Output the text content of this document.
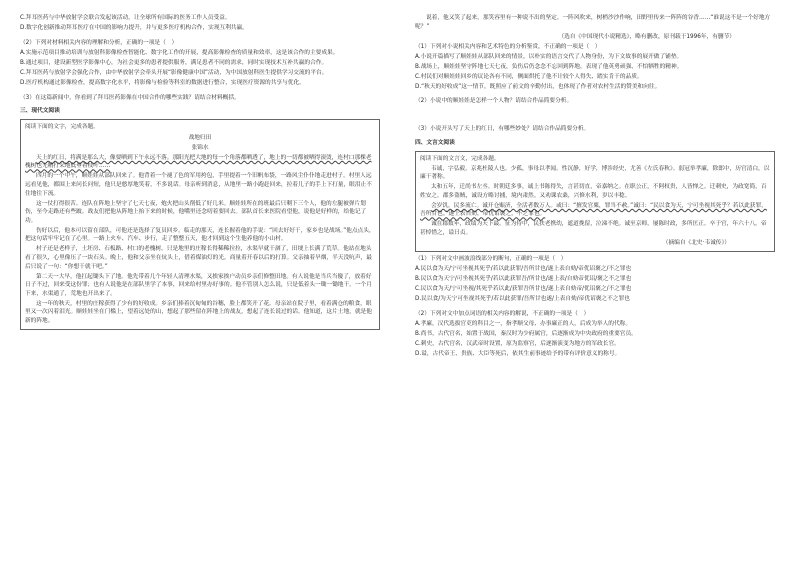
C.拜耳医药与中华放射学会联合发起该活动，让全球所有国际的医务工作人员受益。

D.数字化创新推动拜耳医疗在中国的影响力提升，并与更多医疗机构合作，实现互利共赢。

（2）下列对材料相关内容的理解和分析，正确的一项是（　）

A.实施示范项目推动培训与放射科影像检查智能化、数字化工作的开展，提高影像检查的质量和效率，这是该合作的主要成果。

B.通过项目，建设新型医学影像中心，为社会更多的患者提供服务，满足患者不同的需求，同时实现技术互补共赢的合作。

C.拜耳医药与放射学会强化合作，由中华放射学会牵头开展“影像健康中国”活动，为中国放射科医生提供学习交流的平台。

D.医疗机构通过影像检查，提高数字化水平，将影像与检验等科室的数据进行整合，实现医疗资源的共享与优化。

（3）在这篇新闻中，你看到了拜耳医药影像在中国合作的哪些实践？请结合材料概括。

三、现代文阅读

阅读下面的文字，完成各题。

战地归田

张锦水

天上的红日，将满是那么大，像要晒到下午永远不落。那阳光把大地的每一个角落都晒透了，地上的一切都被晒得滚烫，连村口那棵老槐树也无精打采地低垂着枝叶……

四月的一个中午，顺娃娃从部队回来了。他背着一个褪了色的军用挎包，手里提着一个旧帆布袋，一路风尘仆仆地走进村子。村里人远远看见他，都围上来问长问短，他只是憨厚地笑着，不多说话。母亲听到消息，从地里一路小跑赶回来，拉着儿子的手上下打量，眼泪止不住地往下流。

这一仗打得很苦。连队在阵地上坚守了七天七夜，炮火把山头削低了好几米。顺娃娃所在的班最后只剩下三个人，他的左腿被弹片划伤，至今走路还有些跛。战友们把他从阵地上抬下来的时候，他嘴里还念叨着要回去。部队首长来医院看望他，说他是好样的，给他记了功。

伤好以后，他本可以留在部队，可他还是选择了复员回乡。临走的那天，连长握着他的手说：“回去好好干，家乡也是战场。”他点点头，把这句话牢牢记在了心里。一路上火车、汽车、步行，走了整整五天，他才回到这个生他养他的小山村。

村子还是老样子，土坯房、石板路、村口的老槐树。只是地里的庄稼长得稀稀拉拉，水渠早就干涸了，田埂上长满了荒草。他站在地头看了很久，心里像压了一块石头。晚上，他和父亲坐在炕头上，借着煤油灯的光，商量着开春以后的打算。父亲抽着旱烟，半天没吭声，最后只说了一句：“你想干就干吧。”

第二天一大早，他扛起锄头下了地。他先带着几个年轻人清理水渠，又挨家挨户动员乡亲们修整田地。有人说他是当兵当傻了，放着好日子不过，回来受这份罪；也有人说他是在部队里学了本事，回来给村里办好事的。他不管别人怎么说，只是低着头一锄一锄地干。一个月下来，水渠通了，荒地也开出来了。

这一年的秋天，村里的庄稼获得了少有的好收成。乡亲们捧着沉甸甸的谷穗，脸上都笑开了花。母亲站在院子里，看着满仓的粮食，眼里又一次闪着泪光。顺娃娃坐在门槛上，望着远处的山，想起了那些留在阵地上的战友，想起了连长说过的话。他知道，这片土地，就是他新的阵地。

说着，他又笑了起来，那笑容里有一种说不出的坚定。一阵风吹来，树梢沙沙作响，田野里传来一阵阵的谷香……“谁说这不是一个好地方呢？”

（选自《中国现代小说精选》，略有删改，原刊载于1996年，有删节）

（1）下列对小说相关内容和艺术特色的分析鉴赏，不正确的一项是（　）

A.小说开篇描写了顺娃娃从部队回来的情景，以朴实的语言交代了人物身份，为下文故事的展开做了铺垫。

B.战场上，顺娃娃坚守阵地七天七夜，负伤后仍念念不忘回到阵地，表现了他英勇顽强、不怕牺牲的精神。

C.村民们对顺娃娃回乡的议论各有不同，侧面烘托了他不计较个人得失、踏实肯干的品质。

D.“秋天的好收成”这一情节，既照应了前文的辛勤付出，也体现了作者对农村生活的赞美和向往。

（2）小说中的顺娃娃是怎样一个人物？请结合作品简要分析。

（3）小说开头写了天上的红日，有哪些妙处？请结合作品简要分析。

四、文言文阅读

阅读下面的文言文，完成各题。

韦诚，字弘毅，京兆杜陵人也。少孤，事母以孝闻。性沉静，好学，博涉经史，尤善《左氏春秋》。弱冠举孝廉，除郎中，历官清白，以廉干著称。

太和五年，迁尚书左丞。时朝廷多事，诚上书陈得失，言甚切直，帝嘉纳之。在职公正，不阿权贵，人皆惮之。迁刺史，为政宽简，百姓安之。郡多盗贼，诚设方略讨捕，境内肃然。又劝课农桑，兴修水利，岁以丰稔。

会岁饥，民多流亡。诚开仓赈济，全活者数万人。或曰：“擅发官粟，罪当不赦。”诚曰：“民以食为天，宁可坐视其死乎？若以此获罪，吾所甘也。”遂上表自劾，帝优诏褒之，不之罪也。

诚在郡数年，政绩为天下最。征为侍中，民扶老携幼，遮道挽留，泣涕不绝。诚至京师，屡陈时政，多所匡正。卒于官，年六十八。帝甚悼惜之，谥曰贞。

（摘编自《北史·韦诚传》）

（1）下列对文中画波浪线部分的断句，正确的一项是（　）

A.民以食为天/宁可坐视其死乎/若以此获罪/吾所甘也/遂上表自劾/帝优诏褒之/不之罪也

B.民以食为天宁/可坐视其死乎/若以此获罪吾/所甘也/遂上表/自劾帝优诏/褒之不之罪也

C.民以食为天/宁可坐视/其死乎若以此/获罪吾所甘也/遂上表自劾帝/优诏褒之/不之罪也

D.民以食/为天宁可坐视其死乎/若以此获罪/吾所甘也遂/上表自劾/帝优诏褒之不之罪也

（2）下列对文中加点词语的相关内容的解说，不正确的一项是（　）

A.孝廉，汉代选拔官吏的科目之一，指孝顺父母、办事廉正的人，后成为举人的代称。

B.尚书，古代官名，始置于战国，秦汉时为少府属官，后逐渐成为中央政府的重要官员。

C.刺史，古代官名，汉武帝时设置，原为监察官，后逐渐演变为地方的军政长官。

D.谥，古代帝王、贵族、大臣等死后，依其生前事迹给予的带有评价意义的称号。
